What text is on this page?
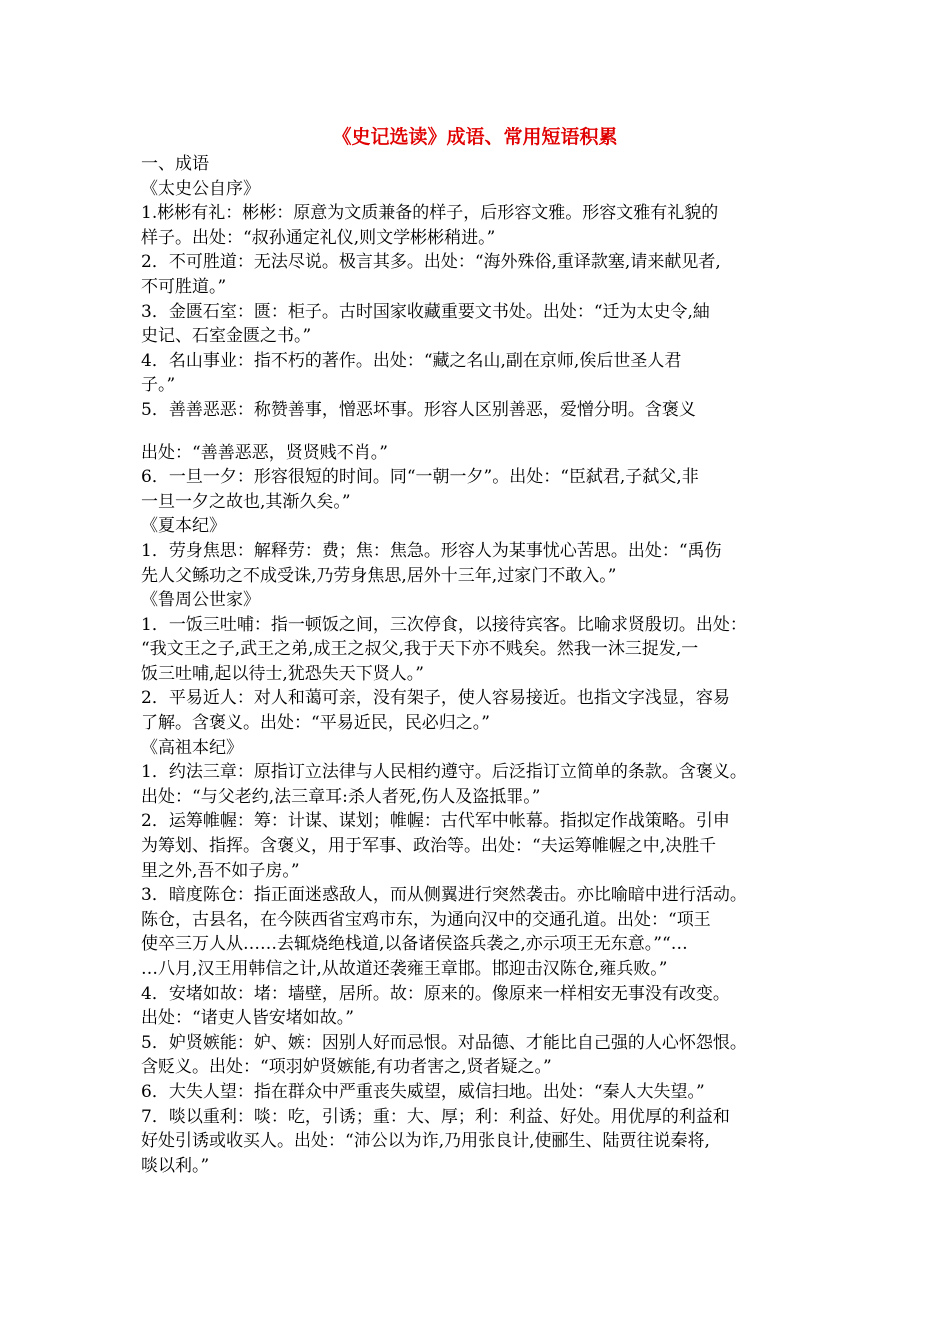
《史记选读》成语、常用短语积累
一、成语
《太史公自序》
1.彬彬有礼：彬彬：原意为文质兼备的样子，后形容文雅。形容文雅有礼貌的
样子。出处：“叔孙通定礼仪,则文学彬彬稍进。”
2．不可胜道：无法尽说。极言其多。出处：“海外殊俗,重译款塞,请来献见者,
不可胜道。”
3．金匮石室：匮：柜子。古时国家收藏重要文书处。出处：“迁为太史令,紬
史记、石室金匮之书。”
4．名山事业：指不朽的著作。出处：“藏之名山,副在京师,俟后世圣人君
子。”
5．善善恶恶：称赞善事，憎恶坏事。形容人区别善恶，爱憎分明。含褒义
出处：“善善恶恶，贤贤贱不肖。”
6．一旦一夕：形容很短的时间。同“一朝一夕”。出处：“臣弑君,子弑父,非
一旦一夕之故也,其渐久矣。”
《夏本纪》
1．劳身焦思：解释劳：费；焦：焦急。形容人为某事忧心苦思。出处：“禹伤
先人父鲧功之不成受诛,乃劳身焦思,居外十三年,过家门不敢入。”
《鲁周公世家》
1．一饭三吐哺：指一顿饭之间，三次停食，以接待宾客。比喻求贤殷切。出处：
“我文王之子,武王之弟,成王之叔父,我于天下亦不贱矣。然我一沐三捉发,一
饭三吐哺,起以待士,犹恐失天下贤人。”
2．平易近人：对人和蔼可亲，没有架子，使人容易接近。也指文字浅显，容易
了解。含褒义。出处：“平易近民，民必归之。”
《高祖本纪》
1．约法三章：原指订立法律与人民相约遵守。后泛指订立简单的条款。含褒义。
出处：“与父老约,法三章耳:杀人者死,伤人及盗抵罪。”
2．运筹帷幄：筹：计谋、谋划；帷幄：古代军中帐幕。指拟定作战策略。引申
为筹划、指挥。含褒义，用于军事、政治等。出处：“夫运筹帷幄之中,决胜千
里之外,吾不如子房。”
3．暗度陈仓：指正面迷惑敌人，而从侧翼进行突然袭击。亦比喻暗中进行活动。
陈仓，古县名，在今陕西省宝鸡市东，为通向汉中的交通孔道。出处：“项王
使卒三万人从……去辄烧绝栈道,以备诸侯盗兵袭之,亦示项王无东意。”“…
…八月,汉王用韩信之计,从故道还袭雍王章邯。邯迎击汉陈仓,雍兵败。”
4．安堵如故：堵：墙壁，居所。故：原来的。像原来一样相安无事没有改变。
出处：“诸吏人皆安堵如故。”
5．妒贤嫉能：妒、嫉：因别人好而忌恨。对品德、才能比自己强的人心怀怨恨。
含贬义。出处：“项羽妒贤嫉能,有功者害之,贤者疑之。”
6．大失人望：指在群众中严重丧失威望，威信扫地。出处：“秦人大失望。”
7．啖以重利：啖：吃，引诱；重：大、厚；利：利益、好处。用优厚的利益和
好处引诱或收买人。出处：“沛公以为诈,乃用张良计,使郦生、陆贾往说秦将,
啖以利。”
